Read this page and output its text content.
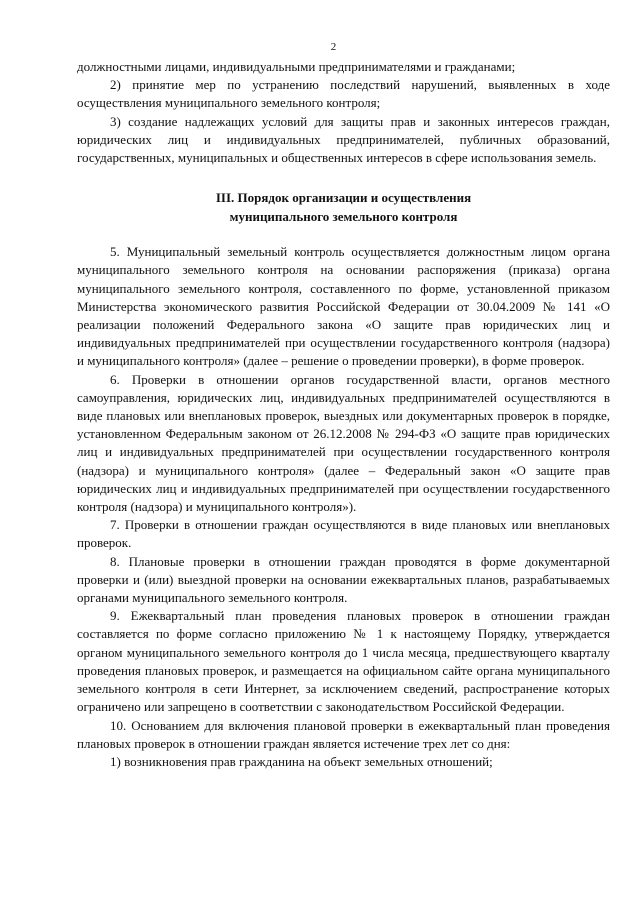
2

должностными лицами, индивидуальными предпринимателями и гражданами;

2) принятие мер по устранению последствий нарушений, выявленных в ходе осуществления муниципального земельного контроля;

3) создание надлежащих условий для защиты прав и законных интересов граждан, юридических лиц и индивидуальных предпринимателей, публичных образований, государственных, муниципальных и общественных интересов в сфере использования земель.

III. Порядок организации и осуществления
муниципального земельного контроля

5. Муниципальный земельный контроль осуществляется должностным лицом органа муниципального земельного контроля на основании распоряжения (приказа) органа муниципального земельного контроля, составленного по форме, установленной приказом Министерства экономического развития Российской Федерации от 30.04.2009 № 141 «О реализации положений Федерального закона «О защите прав юридических лиц и индивидуальных предпринимателей при осуществлении государственного контроля (надзора) и муниципального контроля» (далее – решение о проведении проверки), в форме проверок.

6. Проверки в отношении органов государственной власти, органов местного самоуправления, юридических лиц, индивидуальных предпринимателей осуществляются в виде плановых или внеплановых проверок, выездных или документарных проверок в порядке, установленном Федеральным законом от 26.12.2008 № 294-ФЗ «О защите прав юридических лиц и индивидуальных предпринимателей при осуществлении государственного контроля (надзора) и муниципального контроля» (далее – Федеральный закон «О защите прав юридических лиц и индивидуальных предпринимателей при осуществлении государственного контроля (надзора) и муниципального контроля»).

7. Проверки в отношении граждан осуществляются в виде плановых или внеплановых проверок.

8. Плановые проверки в отношении граждан проводятся в форме документарной проверки и (или) выездной проверки на основании ежеквартальных планов, разрабатываемых органами муниципального земельного контроля.

9. Ежеквартальный план проведения плановых проверок в отношении граждан составляется по форме согласно приложению № 1 к настоящему Порядку, утверждается органом муниципального земельного контроля до 1 числа месяца, предшествующего кварталу проведения плановых проверок, и размещается на официальном сайте органа муниципального земельного контроля в сети Интернет, за исключением сведений, распространение которых ограничено или запрещено в соответствии с законодательством Российской Федерации.

10. Основанием для включения плановой проверки в ежеквартальный план проведения плановых проверок в отношении граждан является истечение трех лет со дня:

1) возникновения прав гражданина на объект земельных отношений;
